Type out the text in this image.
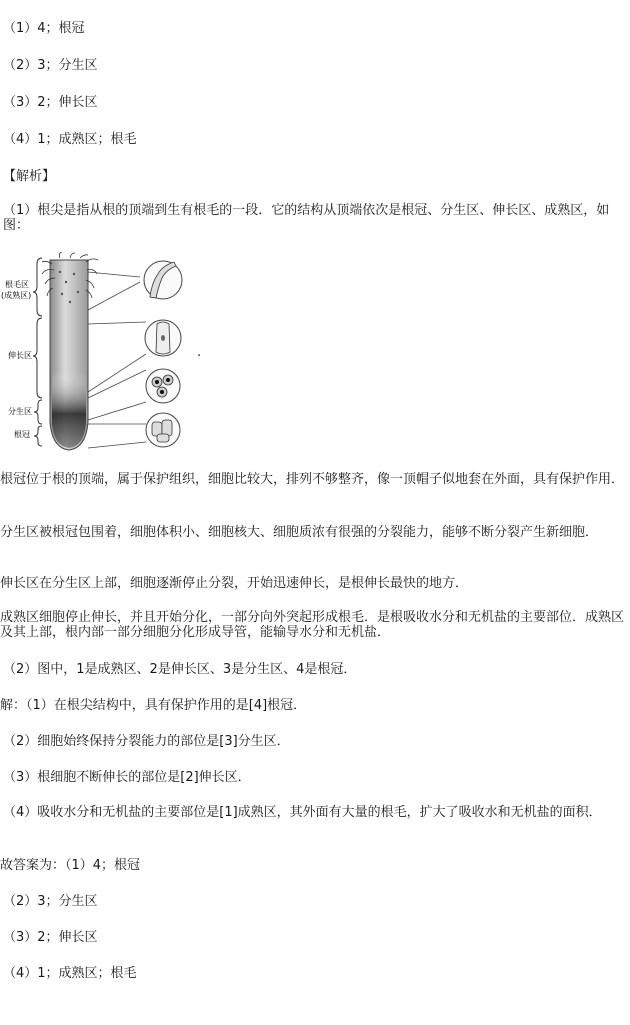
（1）4；根冠
（2）3；分生区
（3）2；伸长区
（4）1；成熟区；根毛
【解析】
（1）根尖是指从根的顶端到生有根毛的一段．它的结构从顶端依次是根冠、分生区、伸长区、成熟区，如图：
根毛区
(成熟区)
伸长区
分生区
根冠
.
根冠位于根的顶端，属于保护组织，细胞比较大，排列不够整齐，像一顶帽子似地套在外面，具有保护作用．
分生区被根冠包围着，细胞体积小、细胞核大、细胞质浓有很强的分裂能力，能够不断分裂产生新细胞．
伸长区在分生区上部，细胞逐渐停止分裂，开始迅速伸长，是根伸长最快的地方．
成熟区细胞停止伸长，并且开始分化，一部分向外突起形成根毛．是根吸收水分和无机盐的主要部位．成熟区及其上部，根内部一部分细胞分化形成导管，能输导水分和无机盐．
（2）图中，1是成熟区、2是伸长区、3是分生区、4是根冠．
解：（1）在根尖结构中，具有保护作用的是[4]根冠．
（2）细胞始终保持分裂能力的部位是[3]分生区．
（3）根细胞不断伸长的部位是[2]伸长区．
（4）吸收水分和无机盐的主要部位是[1]成熟区，其外面有大量的根毛，扩大了吸收水和无机盐的面积．
故答案为：（1）4；根冠
（2）3；分生区
（3）2；伸长区
（4）1；成熟区；根毛
